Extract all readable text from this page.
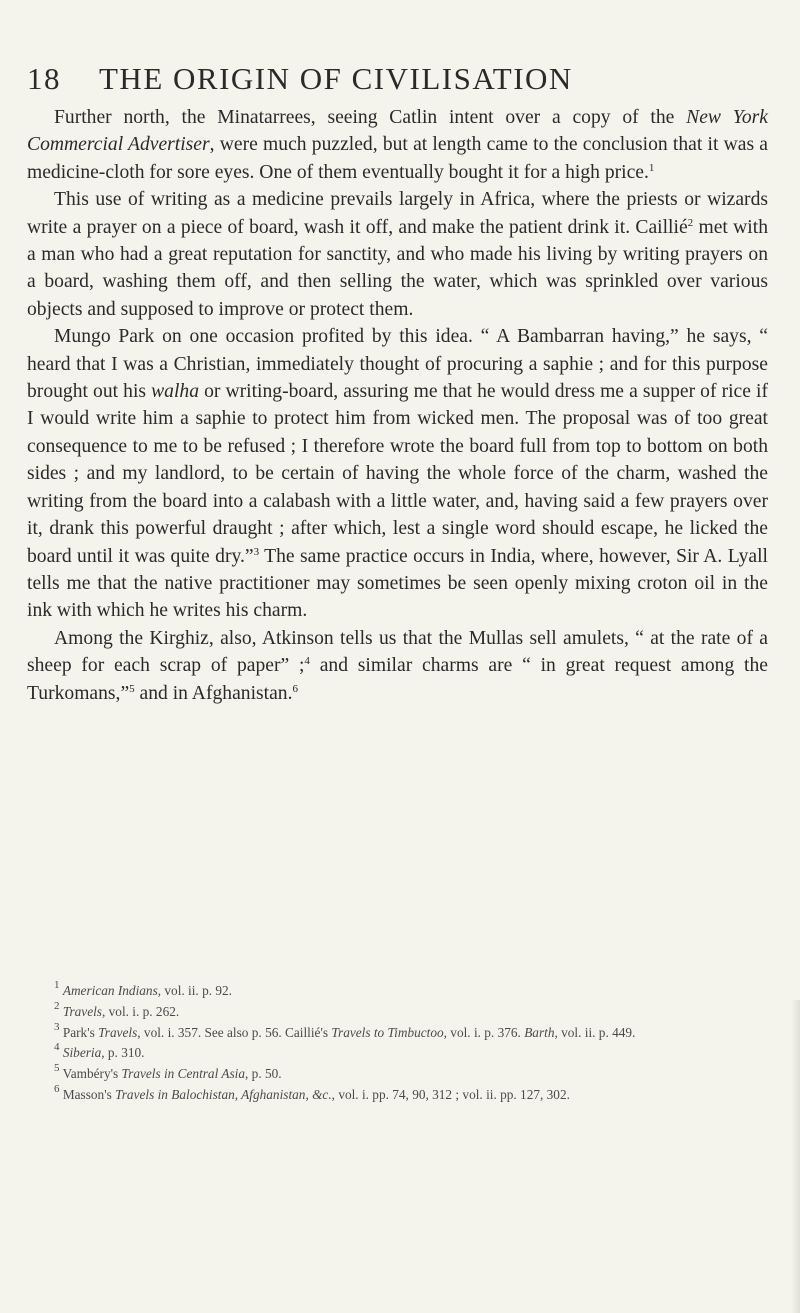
18 THE ORIGIN OF CIVILISATION

Further north, the Minatarrees, seeing Catlin intent over a copy of the New York Commercial Advertiser, were much puzzled, but at length came to the conclusion that it was a medicine-cloth for sore eyes. One of them eventually bought it for a high price.$^1$

This use of writing as a medicine prevails largely in Africa, where the priests or wizards write a prayer on a piece of board, wash it off, and make the patient drink it. Caillié$^2$ met with a man who had a great reputation for sanctity, and who made his living by writing prayers on a board, washing them off, and then selling the water, which was sprinkled over various objects and supposed to improve or protect them.

Mungo Park on one occasion profited by this idea. “ A Bambarran having,” he says, “ heard that I was a Christian, immediately thought of procuring a saphie ; and for this purpose brought out his walha or writing-board, assuring me that he would dress me a supper of rice if I would write him a saphie to protect him from wicked men. The proposal was of too great consequence to me to be refused ; I therefore wrote the board full from top to bottom on both sides ; and my landlord, to be certain of having the whole force of the charm, washed the writing from the board into a calabash with a little water, and, having said a few prayers over it, drank this powerful draught ; after which, lest a single word should escape, he licked the board until it was quite dry.”$^3$ The same practice occurs in India, where, however, Sir A. Lyall tells me that the native practitioner may sometimes be seen openly mixing croton oil in the ink with which he writes his charm.

Among the Kirghiz, also, Atkinson tells us that the Mullas sell amulets, “ at the rate of a sheep for each scrap of paper” ;$^4$ and similar charms are “ in great request among the Turkomans,”$^5$ and in Afghanistan.$^6$

$^1$ American Indians, vol. ii. p. 92.

$^2$ Travels, vol. i. p. 262.

$^3$ Park's Travels, vol. i. 357. See also p. 56. Caillié's Travels to Timbuctoo, vol. i. p. 376. Barth, vol. ii. p. 449.

$^4$ Siberia, p. 310.

$^5$ Vambéry's Travels in Central Asia, p. 50.

$^6$ Masson's Travels in Balochistan, Afghanistan, &c., vol. i. pp. 74, 90, 312 ; vol. ii. pp. 127, 302.
